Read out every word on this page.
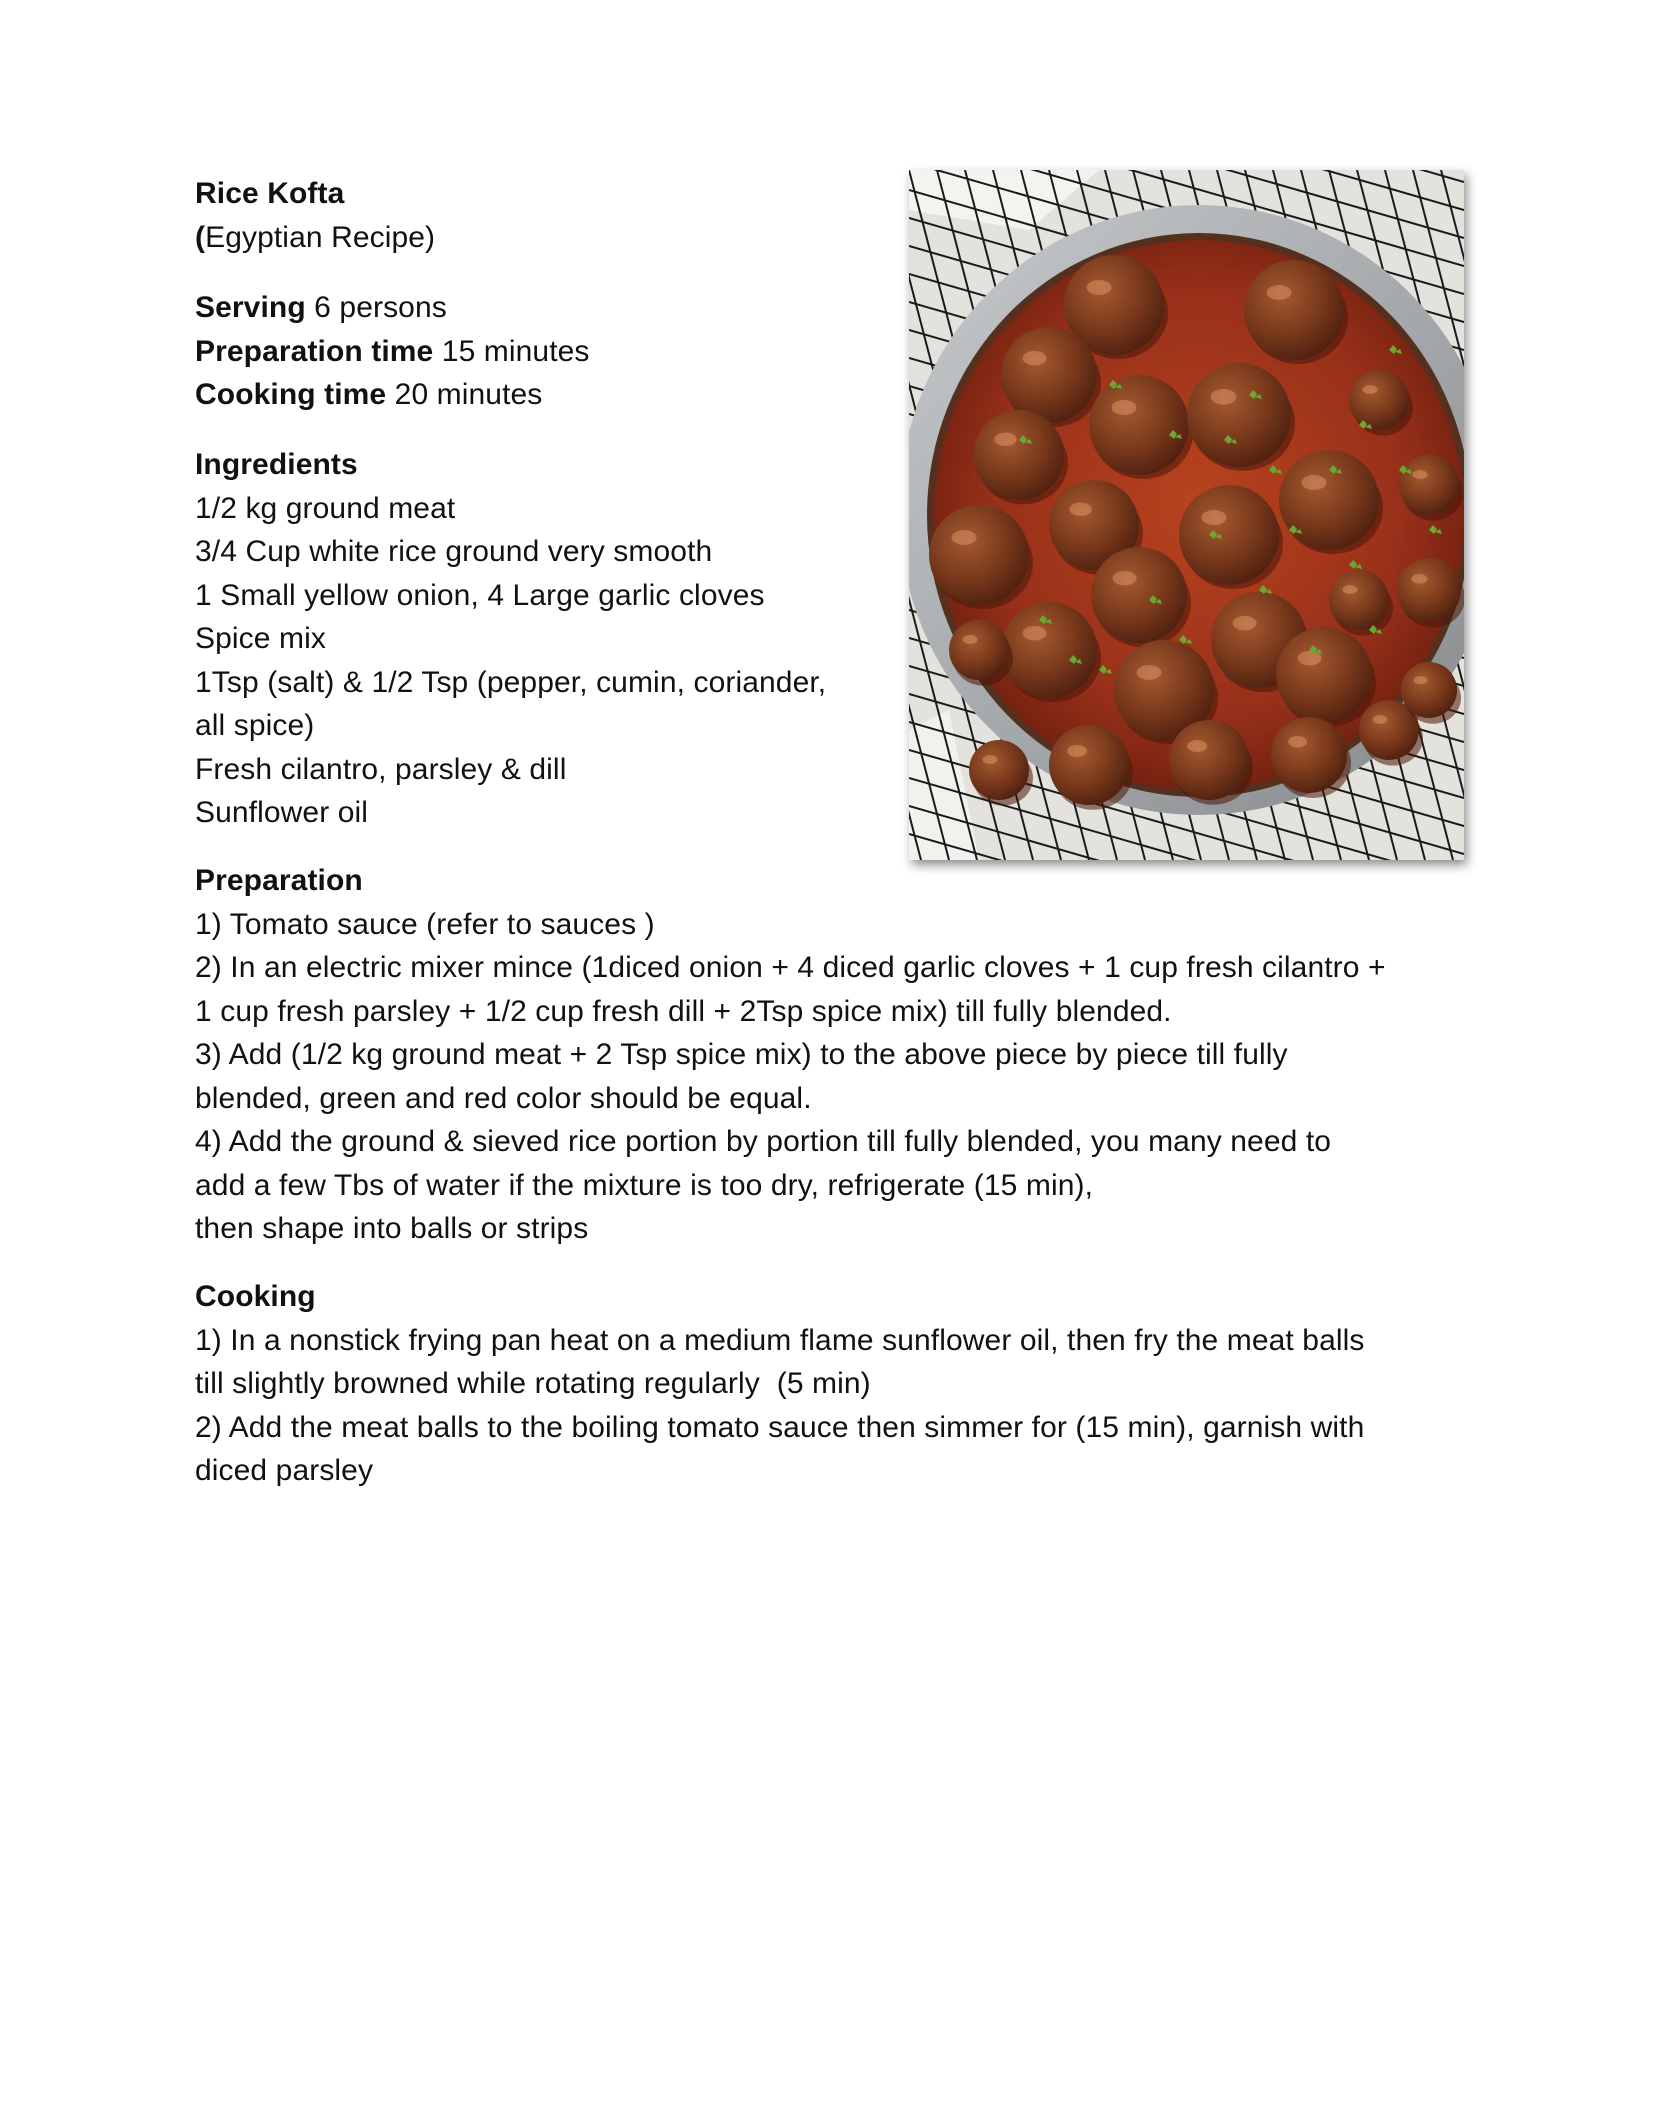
Rice Kofta
(Egyptian Recipe)
Serving 6 persons
Preparation time 15 minutes
Cooking time 20 minutes
Ingredients
1/2 kg ground meat
3/4 Cup white rice ground very smooth
1 Small yellow onion, 4 Large garlic cloves
Spice mix
1Tsp (salt) & 1/2 Tsp (pepper, cumin, coriander,
all spice)
Fresh cilantro, parsley & dill
Sunflower oil
Preparation
1) Tomato sauce (refer to sauces )
2) In an electric mixer mince (1diced onion + 4 diced garlic cloves + 1 cup fresh cilantro +
1 cup fresh parsley + 1/2 cup fresh dill + 2Tsp spice mix) till fully blended.
3) Add (1/2 kg ground meat + 2 Tsp spice mix) to the above piece by piece till fully
blended, green and red color should be equal.
4) Add the ground & sieved rice portion by portion till fully blended, you many need to
add a few Tbs of water if the mixture is too dry, refrigerate (15 min),
then shape into balls or strips
Cooking
1) In a nonstick frying pan heat on a medium flame sunflower oil, then fry the meat balls
till slightly browned while rotating regularly  (5 min)
2) Add the meat balls to the boiling tomato sauce then simmer for (15 min), garnish with
diced parsley
